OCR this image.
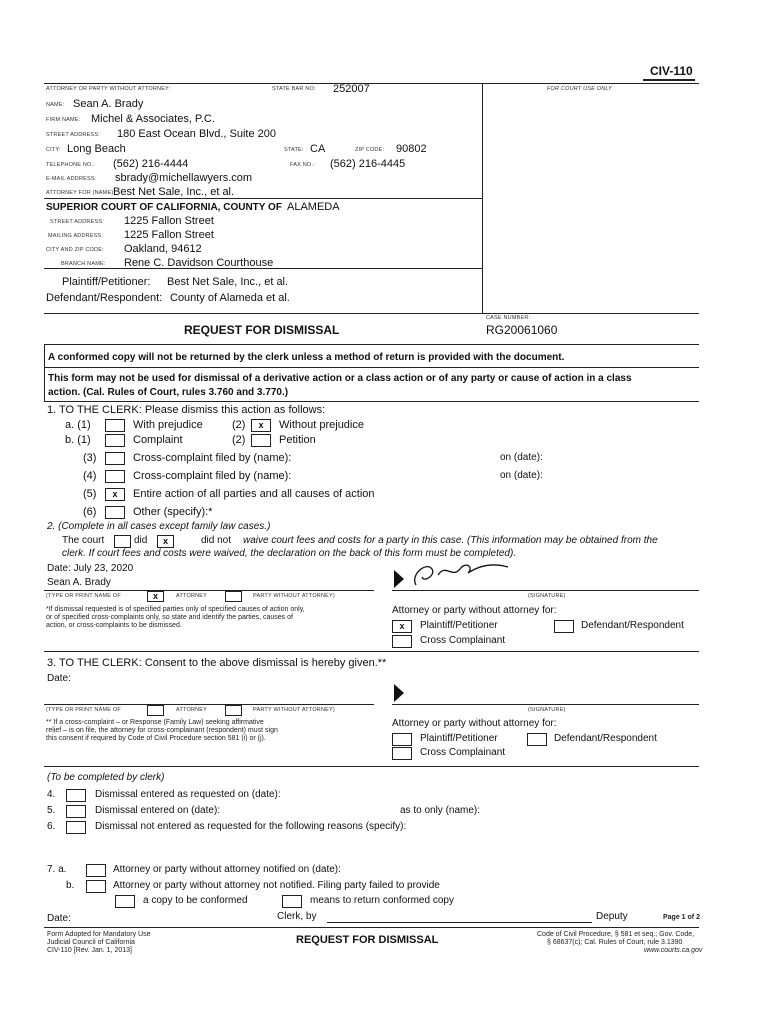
CIV-110
ATTORNEY OR PARTY WITHOUT ATTORNEY:	STATE BAR NO: 252007	FOR COURT USE ONLY
NAME: Sean A. Brady
FIRM NAME: Michel & Associates, P.C.
STREET ADDRESS: 180 East Ocean Blvd., Suite 200
CITY: Long Beach	STATE: CA	ZIP CODE: 90802
TELEPHONE NO.: (562) 216-4444	FAX NO.: (562) 216-4445
E-MAIL ADDRESS: sbrady@michellawyers.com
ATTORNEY FOR (NAME):
Best Net Sale, Inc., et al.
SUPERIOR COURT OF CALIFORNIA, COUNTY OF ALAMEDA
STREET ADDRESS: 1225 Fallon Street
MAILING ADDRESS: 1225 Fallon Street
CITY AND ZIP CODE: Oakland, 94612
BRANCH NAME: Rene C. Davidson Courthouse
Plaintiff/Petitioner: Best Net Sale, Inc., et al.
Defendant/Respondent: County of Alameda et al.
REQUEST FOR DISMISSAL
CASE NUMBER:
RG20061060
A conformed copy will not be returned by the clerk unless a method of return is provided with the document.
This form may not be used for dismissal of a derivative action or a class action or of any party or cause of action in a class
action. (Cal. Rules of Court, rules 3.760 and 3.770.)
1. TO THE CLERK: Please dismiss this action as follows:
a. (1)	With prejudice	(2)	x	Without prejudice
b. (1)	Complaint	(2)	Petition
(3)	Cross-complaint filed by (name):	on (date):
(4)	Cross-complaint filed by (name):	on (date):
(5)	x	Entire action of all parties and all causes of action
(6)	Other (specify):*
2. (Complete in all cases except family law cases.)
The court	did	x	did not waive court fees and costs for a party in this case. (This information may be obtained from the
clerk. If court fees and costs were waived, the declaration on the back of this form must be completed).
Date: July 23, 2020
Sean A. Brady
(TYPE OR PRINT NAME OF	x	ATTORNEY	PARTY WITHOUT ATTORNEY)	(SIGNATURE)
*If dismissal requested is of specified parties only of specified causes of action only,
or of specified cross-complaints only, so state and identify the parties, causes of
action, or cross-complaints to be dismissed.
Attorney or party without attorney for:
x	Plaintiff/Petitioner	Defendant/Respondent
Cross Complainant
3. TO THE CLERK: Consent to the above dismissal is hereby given.**
Date:
(TYPE OR PRINT NAME OF	ATTORNEY	PARTY WITHOUT ATTORNEY)	(SIGNATURE)
** If a cross-complaint – or Response (Family Law) seeking affirmative
relief – is on file, the attorney for cross-complainant (respondent) must sign
this consent if required by Code of Civil Procedure section 581 (i) or (j).
Attorney or party without attorney for:
Plaintiff/Petitioner	Defendant/Respondent
Cross Complainant
(To be completed by clerk)
4.	Dismissal entered as requested on (date):
5.	Dismissal entered on (date):	as to only (name):
6.	Dismissal not entered as requested for the following reasons (specify):
7. a.	Attorney or party without attorney notified on (date):
b.	Attorney or party without attorney not notified. Filing party failed to provide
a copy to be conformed	means to return conformed copy
Date:	Clerk, by	Deputy	Page 1 of 2
Form Adopted for Mandatory Use
Judicial Council of California
CIV-110 [Rev. Jan. 1, 2013]
REQUEST FOR DISMISSAL	Code of Civil Procedure, § 581 et seq.; Gov. Code,
§ 68637(c); Cal. Rules of Court, rule 3.1390
www.courts.ca.gov
